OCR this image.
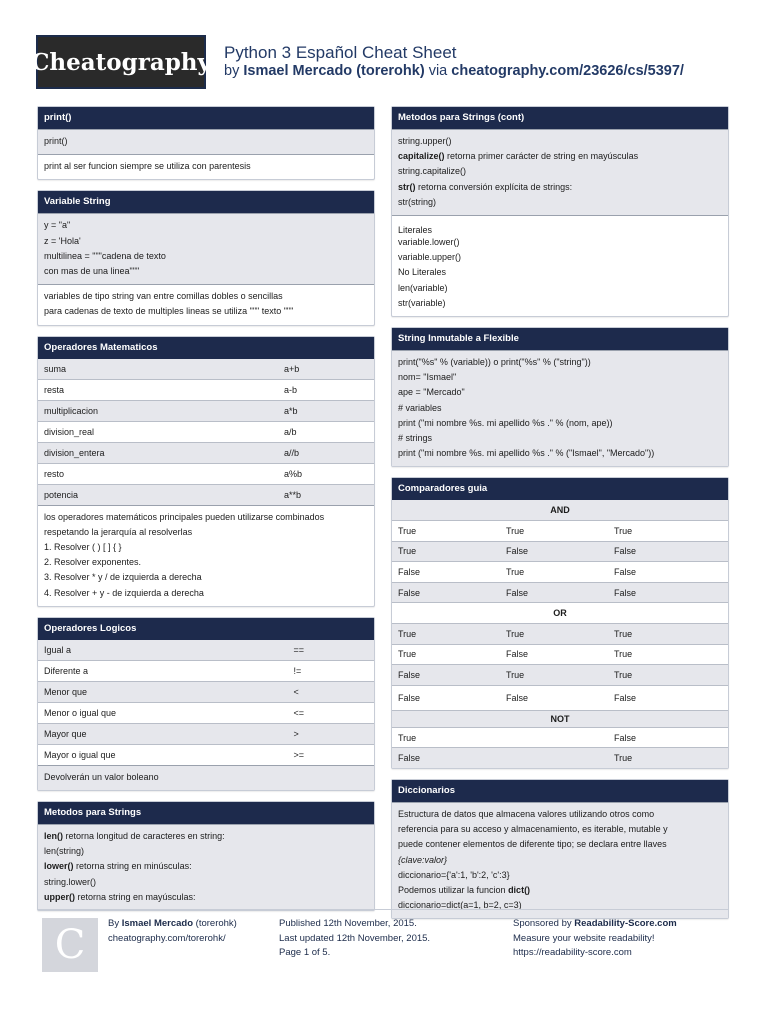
Cheatography Python 3 Español Cheat Sheet
by Ismael Mercado (torerohk) via cheatography.com/23626/cs/5397/
print()
print()
print al ser funcion siempre se utiliza con parentesis
Variable String
y = "a"
z = 'Hola'
multilinea = """cadena de texto
con mas de una linea"""
variables de tipo string van entre comillas dobles o sencillas
para cadenas de texto de multiples lineas se utiliza """ texto """
Operadores Matematicos
suma	a+b
resta	a-b
multiplicacion	a*b
division_real	a/b
division_entera	a//b
resto	a%b
potencia	a**b
los operadores matemáticos principales pueden utilizarse combinados
respetando la jerarquía al resolverlas
1. Resolver ( ) [ ] { }
2. Resolver exponentes.
3. Resolver * y / de izquierda a derecha
4. Resolver + y - de izquierda a derecha
Operadores Logicos
Igual a	==
Diferente a	!=
Menor que	<
Menor o igual que	<=
Mayor que	>
Mayor o igual que	>=
Devolverán un valor boleano
Metodos para Strings
len() retorna longitud de caracteres en string:
len(string)
lower() retorna string en minúsculas:
string.lower()
upper() retorna string en mayúsculas:
Metodos para Strings (cont)
string.upper()
capitalize() retorna primer carácter de string en mayúsculas
string.capitalize()
str() retorna conversión explícita de strings:
str(string)
Literales
variable.lower()
variable.upper()
No Literales
len(variable)
str(variable)
String Inmutable a Flexible
print("%s" % (variable)) o print("%s" % ("string"))
nom= "Ismael"
ape = "Mercado"
# variables
print ("mi nombre %s. mi apellido %s ." % (nom, ape))
# strings
print ("mi nombre %s. mi apellido %s ." % ("Ismael", "Mercado"))
Comparadores guia
AND
True	True	True
True	False	False
False	True	False
False	False	False
OR
True	True	True
True	False	True
False	True	True
False	False	False
NOT
True	False
False	True
Diccionarios
Estructura de datos que almacena valores utilizando otros como
referencia para su acceso y almacenamiento, es iterable, mutable y
puede contener elementos de diferente tipo; se declara entre llaves
{clave:valor}
diccionario={'a':1, 'b':2, 'c':3}
Podemos utilizar la funcion dict()
diccionario=dict(a=1, b=2, c=3)
C By Ismael Mercado (torerohk)
cheatography.com/torerohk/
Published 12th November, 2015.
Last updated 12th November, 2015.
Page 1 of 5.
Sponsored by Readability-Score.com
Measure your website readability!
https://readability-score.com
